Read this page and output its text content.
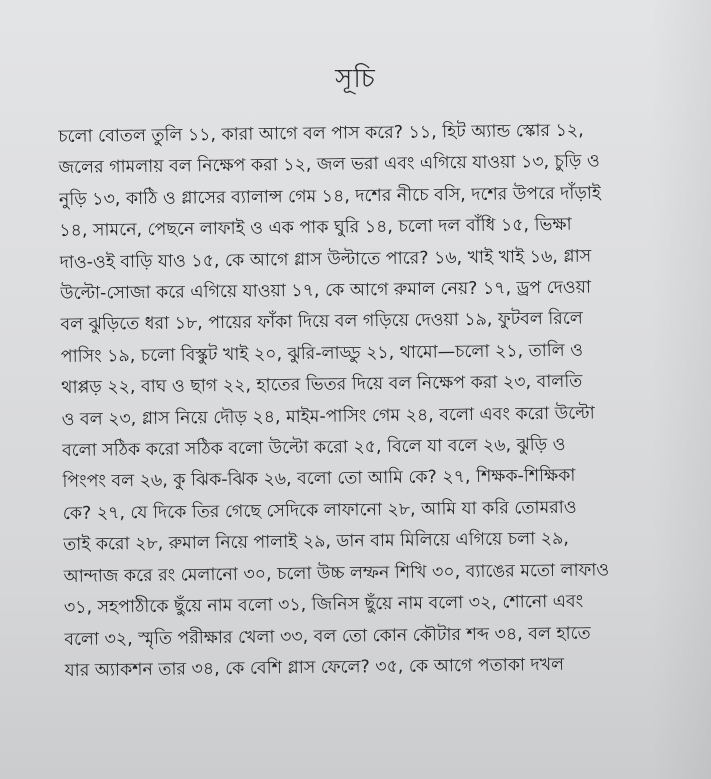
সূচি
চলো বোতল তুলি ১১, কারা আগে বল পাস করে? ১১, হিট অ্যান্ড স্কোর ১২,
জলের গামলায় বল নিক্ষেপ করা ১২, জল ভরা এবং এগিয়ে যাওয়া ১৩, চুড়ি ও
নুড়ি ১৩, কাঠি ও গ্লাসের ব্যালান্স গেম ১৪, দশের নীচে বসি, দশের উপরে দাঁড়াই
১৪, সামনে, পেছনে লাফাই ও এক পাক ঘুরি ১৪, চলো দল বাঁধি ১৫, ভিক্ষা
দাও-ওই বাড়ি যাও ১৫, কে আগে গ্লাস উল্টাতে পারে? ১৬, খাই খাই ১৬, গ্লাস
উল্টো-সোজা করে এগিয়ে যাওয়া ১৭, কে আগে রুমাল নেয়? ১৭, ড্রপ দেওয়া
বল ঝুড়িতে ধরা ১৮, পায়ের ফাঁকা দিয়ে বল গড়িয়ে দেওয়া ১৯, ফুটবল রিলে
পাসিং ১৯, চলো বিস্কুট খাই ২০, ঝুরি-লাড্ডু ২১, থামো—চলো ২১, তালি ও
থাপ্পড় ২২, বাঘ ও ছাগ ২২, হাতের ভিতর দিয়ে বল নিক্ষেপ করা ২৩, বালতি
ও বল ২৩, গ্লাস নিয়ে দৌড় ২৪, মাইম-পাসিং গেম ২৪, বলো এবং করো উল্টো
বলো সঠিক করো সঠিক বলো উল্টো করো ২৫, বিলে যা বলে ২৬, ঝুড়ি ও
পিংপং বল ২৬, কু ঝিক-ঝিক ২৬, বলো তো আমি কে? ২৭, শিক্ষক-শিক্ষিকা
কে? ২৭, যে দিকে তির গেছে সেদিকে লাফানো ২৮, আমি যা করি তোমরাও
তাই করো ২৮, রুমাল নিয়ে পালাই ২৯, ডান বাম মিলিয়ে এগিয়ে চলা ২৯,
আন্দাজ করে রং মেলানো ৩০, চলো উচ্চ লম্ফন শিখি ৩০, ব্যাঙের মতো লাফাও
৩১, সহপাঠীকে ছুঁয়ে নাম বলো ৩১, জিনিস ছুঁয়ে নাম বলো ৩২, শোনো এবং
বলো ৩২, স্মৃতি পরীক্ষার খেলা ৩৩, বল তো কোন কৌটার শব্দ ৩৪, বল হাতে
যার অ্যাকশন তার ৩৪, কে বেশি গ্লাস ফেলে? ৩৫, কে আগে পতাকা দখল
